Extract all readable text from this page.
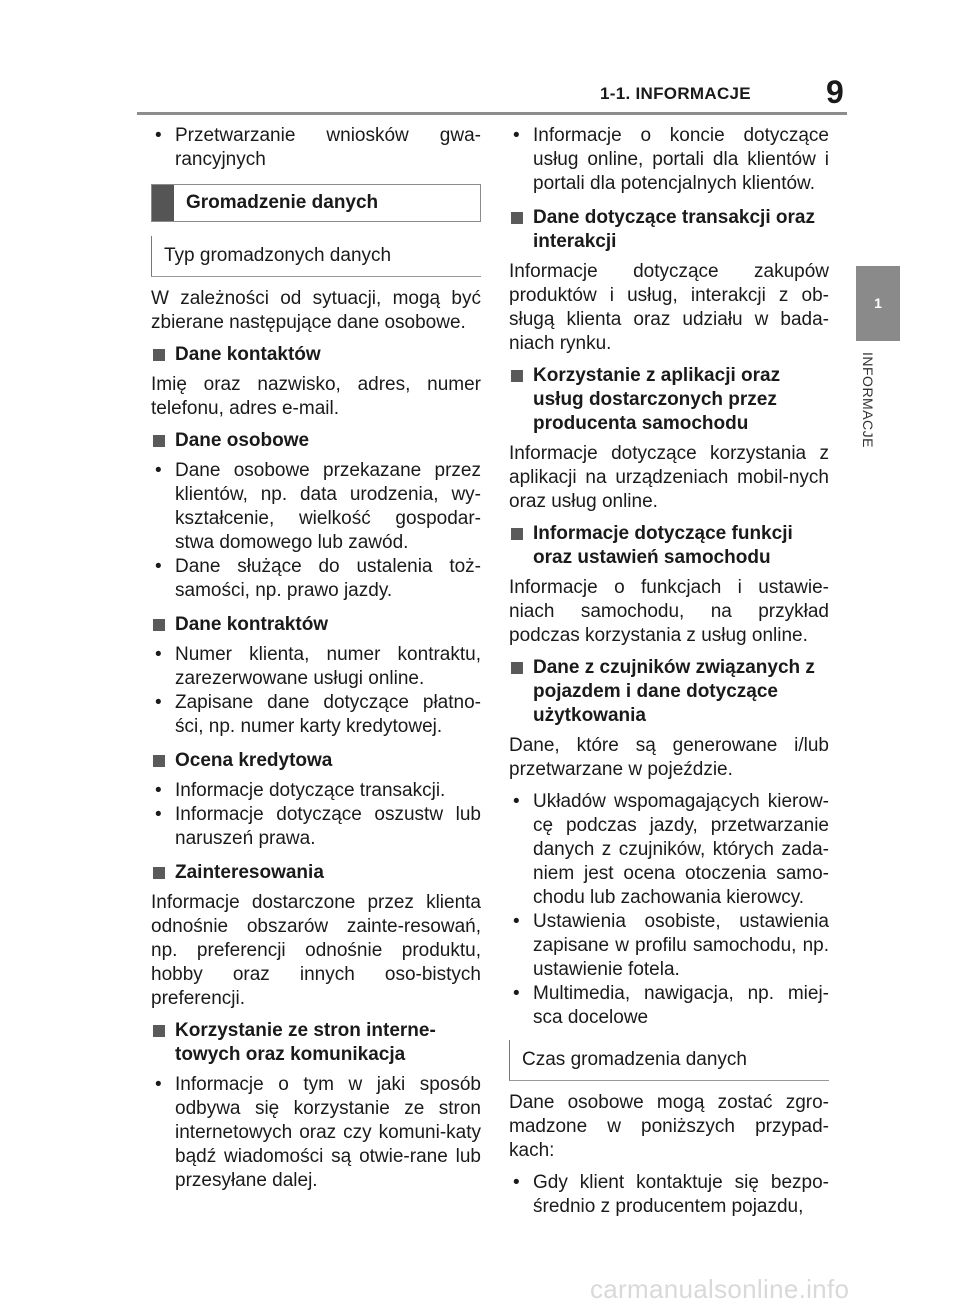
1-1. INFORMACJE 9
1
INFORMACJE

• Przetwarzanie wniosków gwa-rancyjnych

Gromadzenie danych
Typ gromadzonych danych

W zależności od sytuacji, mogą być zbierane następujące dane osobowe.

Dane kontaktów

Imię oraz nazwisko, adres, numer telefonu, adres e-mail.

Dane osobowe

• Dane osobowe przekazane przez klientów, np. data urodzenia, wy-kształcenie, wielkość gospodar-stwa domowego lub zawód.

• Dane służące do ustalenia toż-samości, np. prawo jazdy.

Dane kontraktów

• Numer klienta, numer kontraktu, zarezerwowane usługi online.

• Zapisane dane dotyczące płatno-ści, np. numer karty kredytowej.

Ocena kredytowa

• Informacje dotyczące transakcji.

• Informacje dotyczące oszustw lub naruszeń prawa.

Zainteresowania

Informacje dostarczone przez klienta odnośnie obszarów zainte-resowań, np. preferencji odnośnie produktu, hobby oraz innych oso-bistych preferencji.

Korzystanie ze stron interne-towych oraz komunikacja

• Informacje o tym w jaki sposób odbywa się korzystanie ze stron internetowych oraz czy komuni-katy bądź wiadomości są otwie-rane lub przesyłane dalej.

• Informacje o koncie dotyczące usług online, portali dla klientów i portali dla potencjalnych klientów.

Dane dotyczące transakcji oraz interakcji

Informacje dotyczące zakupów produktów i usług, interakcji z ob-sługą klienta oraz udziału w bada-niach rynku.

Korzystanie z aplikacji oraz usług dostarczonych przez producenta samochodu

Informacje dotyczące korzystania z aplikacji na urządzeniach mobil-nych oraz usług online.

Informacje dotyczące funkcji oraz ustawień samochodu

Informacje o funkcjach i ustawie-niach samochodu, na przykład podczas korzystania z usług online.

Dane z czujników związanych z pojazdem i dane dotyczące użytkowania

Dane, które są generowane i/lub przetwarzane w pojeździe.

• Układów wspomagających kierow-cę podczas jazdy, przetwarzanie danych z czujników, których zada-niem jest ocena otoczenia samo-chodu lub zachowania kierowcy.

• Ustawienia osobiste, ustawienia zapisane w profilu samochodu, np. ustawienie fotela.

• Multimedia, nawigacja, np. miej-sca docelowe

Czas gromadzenia danych

Dane osobowe mogą zostać zgro-madzone w poniższych przypad-kach:

• Gdy klient kontaktuje się bezpo-średnio z producentem pojazdu,

carmanualsonline.info
